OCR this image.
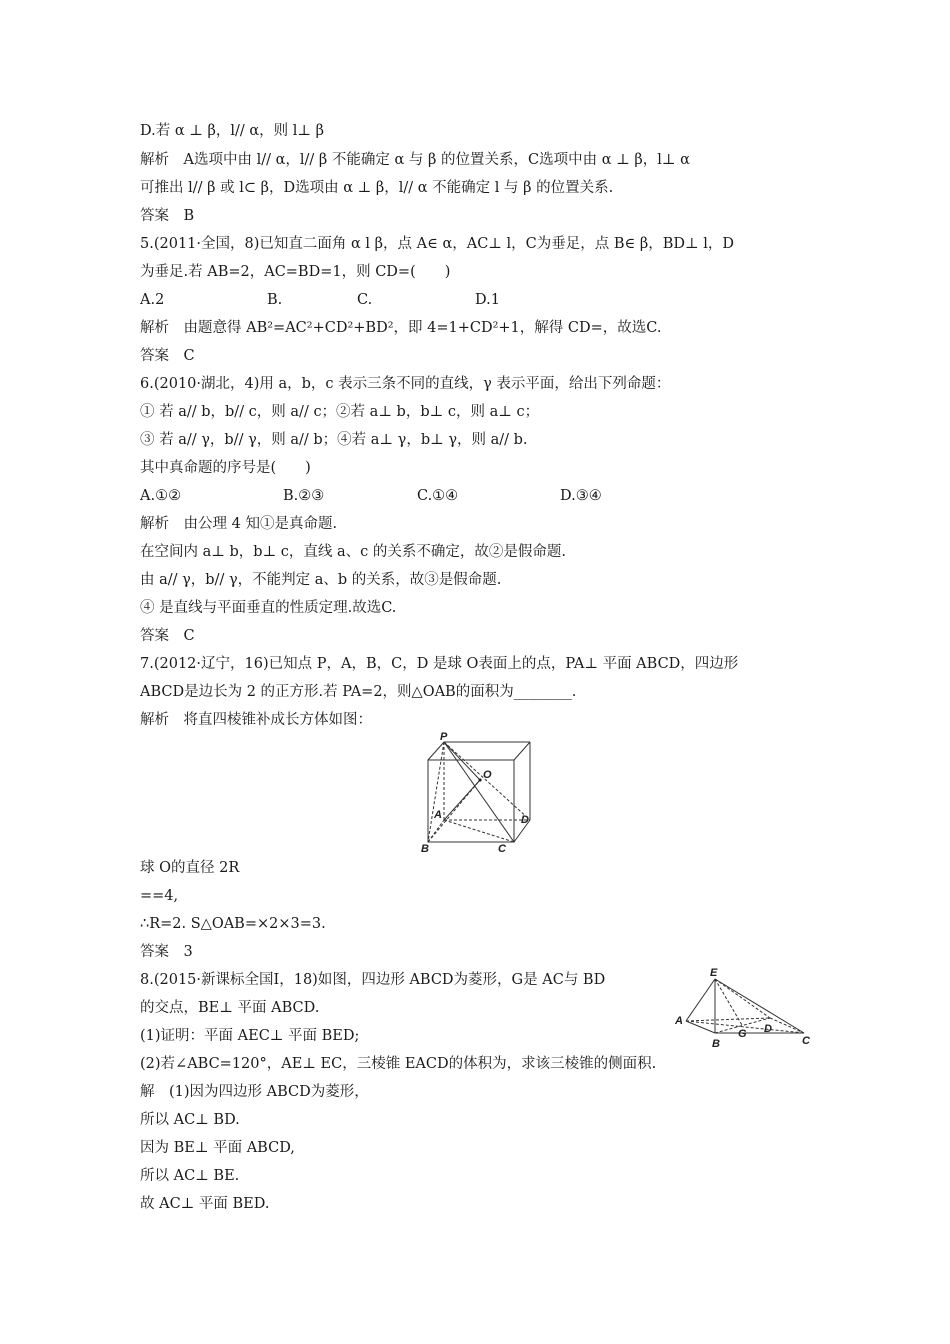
D.若 α ⊥ β，l// α，则 l⊥ β
解析　A选项中由 l// α，l// β 不能确定 α 与 β 的位置关系，C选项中由 α ⊥ β，l⊥ α
可推出 l// β 或 l⊂ β，D选项由 α ⊥ β，l// α 不能确定 l 与 β 的位置关系.
答案　B
5.(2011·全国，8)已知直二面角 α l β，点 A∈ α，AC⊥ l，C为垂足，点 B∈ β，BD⊥ l，D
为垂足.若 AB=2，AC=BD=1，则 CD=(　　)
A.2	B.	C.	D.1
解析　由题意得 AB²=AC²+CD²+BD²，即 4=1+CD²+1，解得 CD=，故选C.
答案　C
6.(2010·湖北，4)用 a，b，c 表示三条不同的直线，γ 表示平面，给出下列命题：
① 若 a// b，b// c，则 a// c；②若 a⊥ b，b⊥ c，则 a⊥ c；
③ 若 a// γ，b// γ，则 a// b；④若 a⊥ γ，b⊥ γ，则 a// b.
其中真命题的序号是(　　)
A.①②	B.②③	C.①④	D.③④
解析　由公理 4 知①是真命题.
在空间内 a⊥ b，b⊥ c，直线 a、c 的关系不确定，故②是假命题.
由 a// γ，b// γ，不能判定 a、b 的关系，故③是假命题.
④ 是直线与平面垂直的性质定理.故选C.
答案　C
7.(2012·辽宁，16)已知点 P，A，B，C，D 是球 O表面上的点，PA⊥ 平面 ABCD，四边形
ABCD是边长为 2 的正方形.若 PA=2，则△OAB的面积为________.
解析　将直四棱锥补成长方体如图：
P
O
A	D
B	C
球 O的直径 2R
==4,
∴R=2. S△OAB=×2×3=3.
答案　3
8.(2015·新课标全国Ⅰ，18)如图，四边形 ABCD为菱形，G是 AC与 BD
的交点，BE⊥ 平面 ABCD.
(1)证明：平面 AEC⊥ 平面 BED;
(2)若∠ABC=120°，AE⊥ EC，三棱锥 EACD的体积为，求该三棱锥的侧面积.
解　(1)因为四边形 ABCD为菱形，
所以 AC⊥ BD.
因为 BE⊥ 平面 ABCD,
所以 AC⊥ BE.
故 AC⊥ 平面 BED.
E
A
D
G
B	C
